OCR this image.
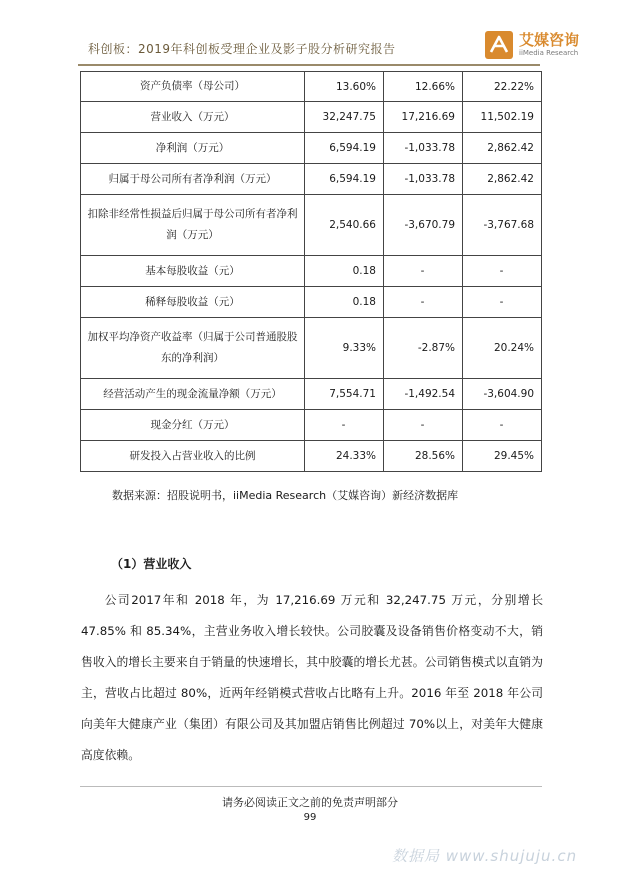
科创板：2019年科创板受理企业及影子股分析研究报告	艾媒咨询
iiMedia Research
资产负债率（母公司）	13.60%	12.66%	22.22%
营业收入（万元）	32,247.75	17,216.69	11,502.19
净利润（万元）	6,594.19	-1,033.78	2,862.42
归属于母公司所有者净利润（万元）	6,594.19	-1,033.78	2,862.42
扣除非经常性损益后归属于母公司所有者净利润（万元）	2,540.66	-3,670.79	-3,767.68
基本每股收益（元）	0.18	-	-
稀释每股收益（元）	0.18	-	-
加权平均净资产收益率（归属于公司普通股股东的净利润）	9.33%	-2.87%	20.24%
经营活动产生的现金流量净额（万元）	7,554.71	-1,492.54	-3,604.90
现金分红（万元）	-	-	-
研发投入占营业收入的比例	24.33%	28.56%	29.45%
数据来源：招股说明书，iiMedia Research（艾媒咨询）新经济数据库
（1）营业收入

公司2017年和 2018 年，为 17,216.69 万元和 32,247.75 万元，分别增长 47.85% 和 85.34%，主营业务收入增长较快。公司胶囊及设备销售价格变动不大，销售收入的增长主要来自于销量的快速增长，其中胶囊的增长尤甚。公司销售模式以直销为主，营收占比超过 80%，近两年经销模式营收占比略有上升。2016 年至 2018 年公司向美年大健康产业（集团）有限公司及其加盟店销售比例超过 70%以上，对美年大健康高度依赖。

请务必阅读正文之前的免责声明部分
99
数据局 www.shujuju.cn
